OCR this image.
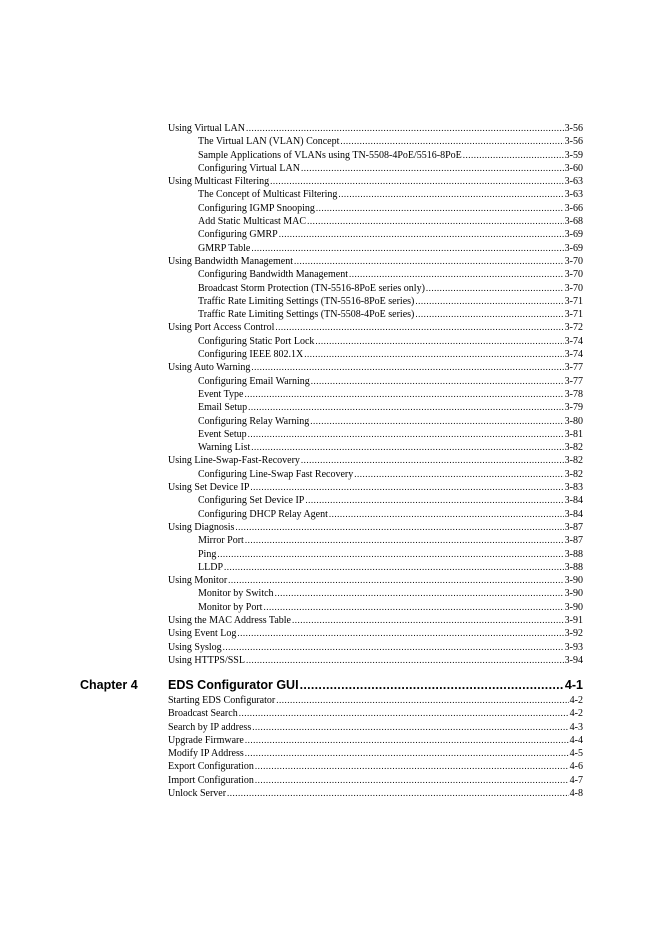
Using Virtual LAN .....	3-56
The Virtual LAN (VLAN) Concept .....	3-56
Sample Applications of VLANs using TN-5508-4PoE/5516-8PoE .....	3-59
Configuring Virtual LAN .....	3-60
Using Multicast Filtering .....	3-63
The Concept of Multicast Filtering .....	3-63
Configuring IGMP Snooping .....	3-66
Add Static Multicast MAC .....	3-68
Configuring GMRP .....	3-69
GMRP Table .....	3-69
Using Bandwidth Management .....	3-70
Configuring Bandwidth Management .....	3-70
Broadcast Storm Protection (TN-5516-8PoE series only) .....	3-70
Traffic Rate Limiting Settings (TN-5516-8PoE series) .....	3-71
Traffic Rate Limiting Settings (TN-5508-4PoE series) .....	3-71
Using Port Access Control .....	3-72
Configuring Static Port Lock .....	3-74
Configuring IEEE 802.1X .....	3-74
Using Auto Warning .....	3-77
Configuring Email Warning .....	3-77
Event Type .....	3-78
Email Setup .....	3-79
Configuring Relay Warning .....	3-80
Event Setup .....	3-81
Warning List .....	3-82
Using Line-Swap-Fast-Recovery .....	3-82
Configuring Line-Swap Fast Recovery .....	3-82
Using Set Device IP .....	3-83
Configuring Set Device IP .....	3-84
Configuring DHCP Relay Agent .....	3-84
Using Diagnosis .....	3-87
Mirror Port .....	3-87
Ping .....	3-88
LLDP .....	3-88
Using Monitor .....	3-90
Monitor by Switch .....	3-90
Monitor by Port .....	3-90
Using the MAC Address Table .....	3-91
Using Event Log .....	3-92
Using Syslog .....	3-93
Using HTTPS/SSL .....	3-94
Chapter 4	EDS Configurator GUI .....	4-1
Starting EDS Configurator .....	4-2
Broadcast Search .....	4-2
Search by IP address .....	4-3
Upgrade Firmware .....	4-4
Modify IP Address .....	4-5
Export Configuration .....	4-6
Import Configuration .....	4-7
Unlock Server .....	4-8
